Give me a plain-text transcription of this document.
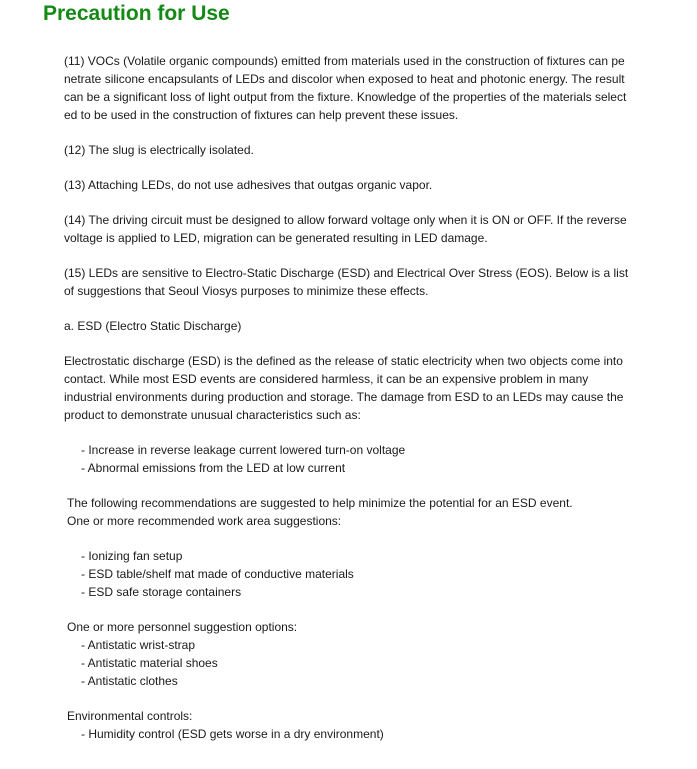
Precaution for Use

(11) VOCs (Volatile organic compounds) emitted from materials used in the construction of fixtures can penetrate silicone encapsulants of LEDs and discolor when exposed to heat and photonic energy. The result can be a significant loss of light output from the fixture. Knowledge of the properties of the materials selected to be used in the construction of fixtures can help prevent these issues.

(12) The slug is electrically isolated.

(13) Attaching LEDs, do not use adhesives that outgas organic vapor.

(14) The driving circuit must be designed to allow forward voltage only when it is ON or OFF. If the reverse voltage is applied to LED, migration can be generated resulting in LED damage.

(15) LEDs are sensitive to Electro-Static Discharge (ESD) and Electrical Over Stress (EOS). Below is a list of suggestions that Seoul Viosys purposes to minimize these effects.

a. ESD (Electro Static Discharge)

Electrostatic discharge (ESD) is the defined as the release of static electricity when two objects come into contact. While most ESD events are considered harmless, it can be an expensive problem in many industrial environments during production and storage. The damage from ESD to an LEDs may cause the product to demonstrate unusual characteristics such as:

- Increase in reverse leakage current lowered turn-on voltage

- Abnormal emissions from the LED at low current

The following recommendations are suggested to help minimize the potential for an ESD event.

One or more recommended work area suggestions:

- Ionizing fan setup

- ESD table/shelf mat made of conductive materials

- ESD safe storage containers

One or more personnel suggestion options:

- Antistatic wrist-strap

- Antistatic material shoes

- Antistatic clothes

Environmental controls:

- Humidity control (ESD gets worse in a dry environment)
